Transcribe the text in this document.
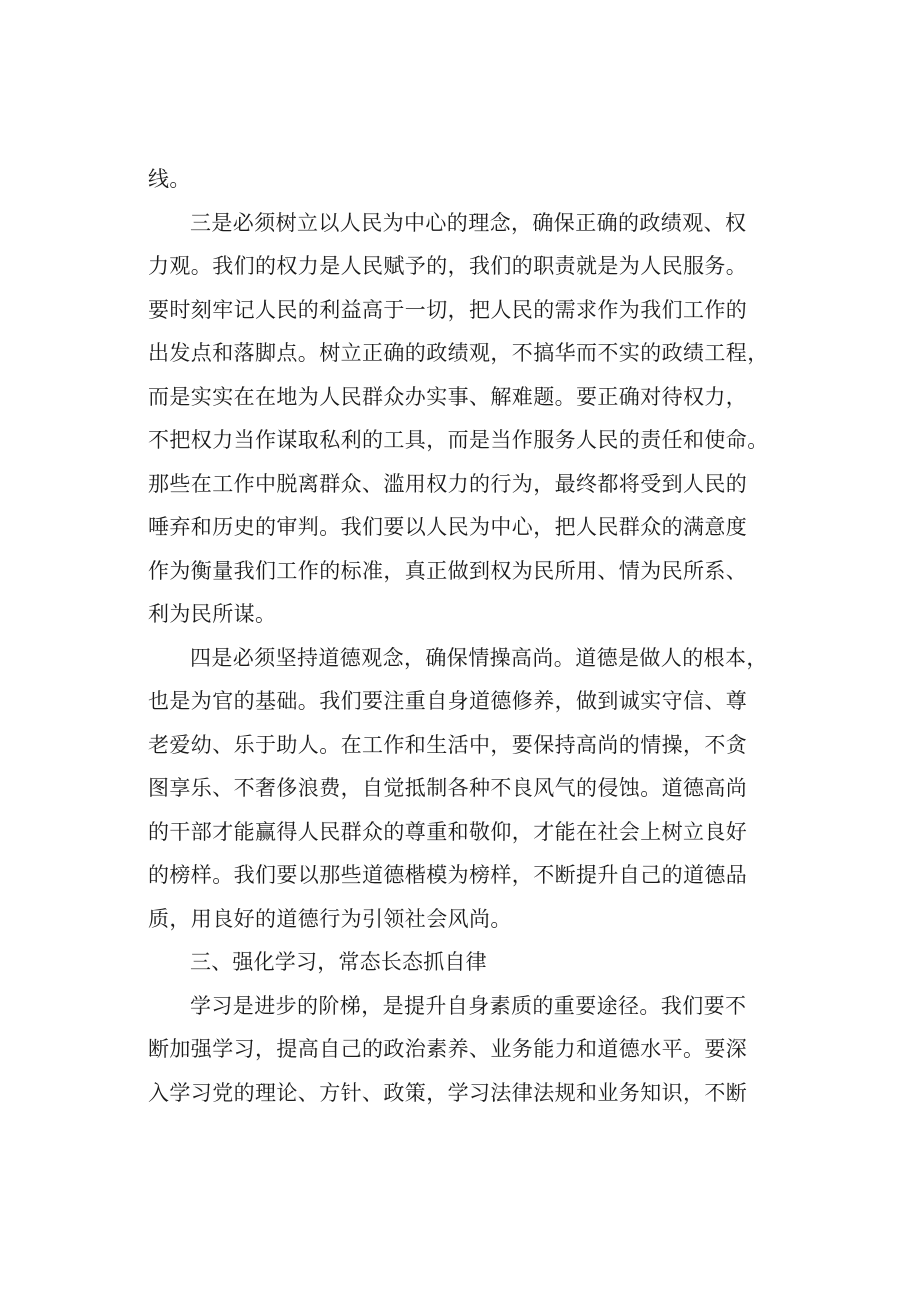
线。
三是必须树立以人民为中心的理念，确保正确的政绩观、权
力观。我们的权力是人民赋予的，我们的职责就是为人民服务。
要时刻牢记人民的利益高于一切，把人民的需求作为我们工作的
出发点和落脚点。树立正确的政绩观，不搞华而不实的政绩工程，
而是实实在在地为人民群众办实事、解难题。要正确对待权力，
不把权力当作谋取私利的工具，而是当作服务人民的责任和使命。
那些在工作中脱离群众、滥用权力的行为，最终都将受到人民的
唾弃和历史的审判。我们要以人民为中心，把人民群众的满意度
作为衡量我们工作的标准，真正做到权为民所用、情为民所系、
利为民所谋。
四是必须坚持道德观念，确保情操高尚。道德是做人的根本，
也是为官的基础。我们要注重自身道德修养，做到诚实守信、尊
老爱幼、乐于助人。在工作和生活中，要保持高尚的情操，不贪
图享乐、不奢侈浪费，自觉抵制各种不良风气的侵蚀。道德高尚
的干部才能赢得人民群众的尊重和敬仰，才能在社会上树立良好
的榜样。我们要以那些道德楷模为榜样，不断提升自己的道德品
质，用良好的道德行为引领社会风尚。
三、强化学习，常态长态抓自律
学习是进步的阶梯，是提升自身素质的重要途径。我们要不
断加强学习，提高自己的政治素养、业务能力和道德水平。要深
入学习党的理论、方针、政策，学习法律法规和业务知识，不断
